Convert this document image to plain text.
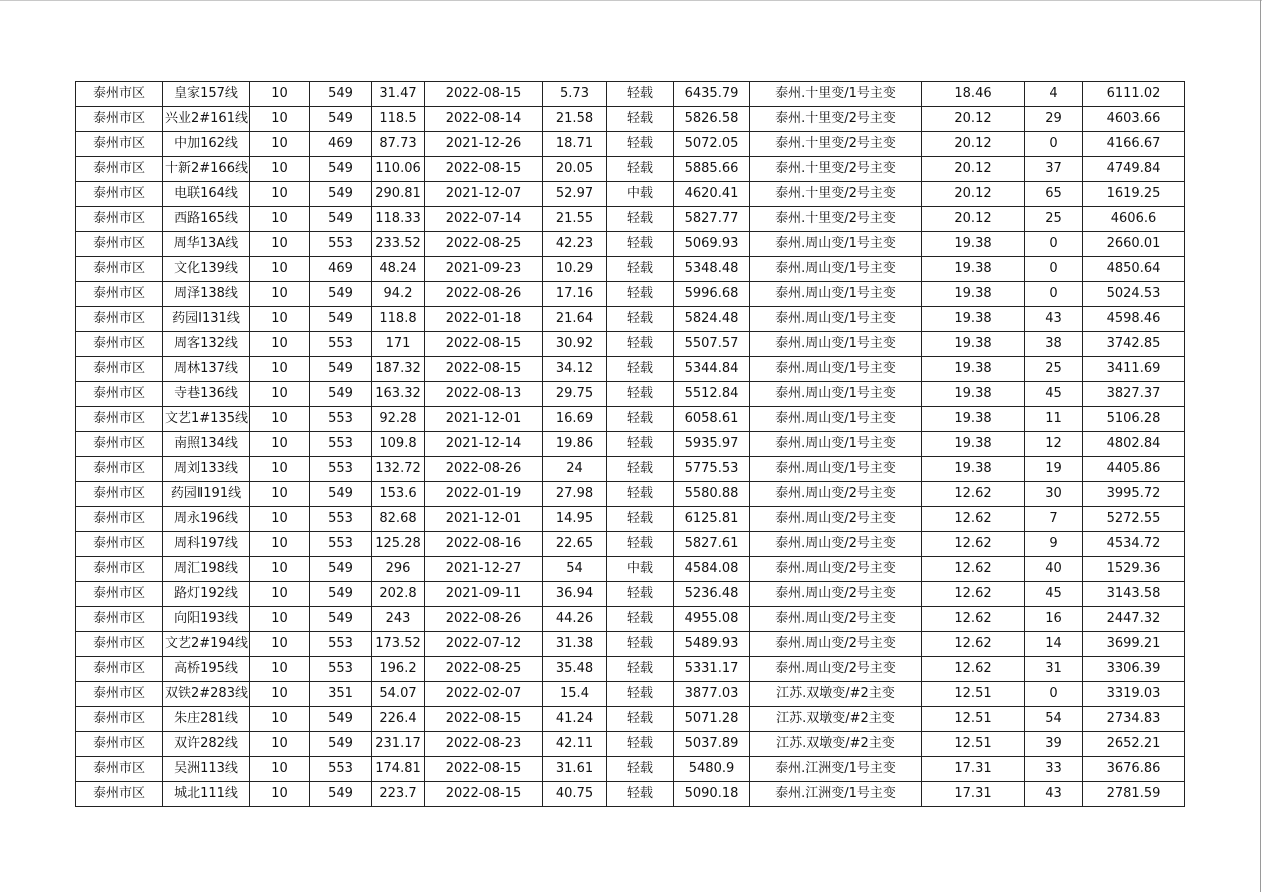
泰州市区	皇家157线	10	549	31.47	2022-08-15	5.73	轻载	6435.79	泰州.十里变/1号主变	18.46	4	6111.02
泰州市区	兴业2#161线	10	549	118.5	2022-08-14	21.58	轻载	5826.58	泰州.十里变/2号主变	20.12	29	4603.66
泰州市区	中加162线	10	469	87.73	2021-12-26	18.71	轻载	5072.05	泰州.十里变/2号主变	20.12	0	4166.67
泰州市区	十新2#166线	10	549	110.06	2022-08-15	20.05	轻载	5885.66	泰州.十里变/2号主变	20.12	37	4749.84
泰州市区	电联164线	10	549	290.81	2021-12-07	52.97	中载	4620.41	泰州.十里变/2号主变	20.12	65	1619.25
泰州市区	西路165线	10	549	118.33	2022-07-14	21.55	轻载	5827.77	泰州.十里变/2号主变	20.12	25	4606.6
泰州市区	周华13A线	10	553	233.52	2022-08-25	42.23	轻载	5069.93	泰州.周山变/1号主变	19.38	0	2660.01
泰州市区	文化139线	10	469	48.24	2021-09-23	10.29	轻载	5348.48	泰州.周山变/1号主变	19.38	0	4850.64
泰州市区	周泽138线	10	549	94.2	2022-08-26	17.16	轻载	5996.68	泰州.周山变/1号主变	19.38	0	5024.53
泰州市区	药园I131线	10	549	118.8	2022-01-18	21.64	轻载	5824.48	泰州.周山变/1号主变	19.38	43	4598.46
泰州市区	周客132线	10	553	171	2022-08-15	30.92	轻载	5507.57	泰州.周山变/1号主变	19.38	38	3742.85
泰州市区	周林137线	10	549	187.32	2022-08-15	34.12	轻载	5344.84	泰州.周山变/1号主变	19.38	25	3411.69
泰州市区	寺巷136线	10	549	163.32	2022-08-13	29.75	轻载	5512.84	泰州.周山变/1号主变	19.38	45	3827.37
泰州市区	文艺1#135线	10	553	92.28	2021-12-01	16.69	轻载	6058.61	泰州.周山变/1号主变	19.38	11	5106.28
泰州市区	南照134线	10	553	109.8	2021-12-14	19.86	轻载	5935.97	泰州.周山变/1号主变	19.38	12	4802.84
泰州市区	周刘133线	10	553	132.72	2022-08-26	24	轻载	5775.53	泰州.周山变/1号主变	19.38	19	4405.86
泰州市区	药园Ⅱ191线	10	549	153.6	2022-01-19	27.98	轻载	5580.88	泰州.周山变/2号主变	12.62	30	3995.72
泰州市区	周永196线	10	553	82.68	2021-12-01	14.95	轻载	6125.81	泰州.周山变/2号主变	12.62	7	5272.55
泰州市区	周科197线	10	553	125.28	2022-08-16	22.65	轻载	5827.61	泰州.周山变/2号主变	12.62	9	4534.72
泰州市区	周汇198线	10	549	296	2021-12-27	54	中载	4584.08	泰州.周山变/2号主变	12.62	40	1529.36
泰州市区	路灯192线	10	549	202.8	2021-09-11	36.94	轻载	5236.48	泰州.周山变/2号主变	12.62	45	3143.58
泰州市区	向阳193线	10	549	243	2022-08-26	44.26	轻载	4955.08	泰州.周山变/2号主变	12.62	16	2447.32
泰州市区	文艺2#194线	10	553	173.52	2022-07-12	31.38	轻载	5489.93	泰州.周山变/2号主变	12.62	14	3699.21
泰州市区	高桥195线	10	553	196.2	2022-08-25	35.48	轻载	5331.17	泰州.周山变/2号主变	12.62	31	3306.39
泰州市区	双铁2#283线	10	351	54.07	2022-02-07	15.4	轻载	3877.03	江苏.双墩变/#2主变	12.51	0	3319.03
泰州市区	朱庄281线	10	549	226.4	2022-08-15	41.24	轻载	5071.28	江苏.双墩变/#2主变	12.51	54	2734.83
泰州市区	双许282线	10	549	231.17	2022-08-23	42.11	轻载	5037.89	江苏.双墩变/#2主变	12.51	39	2652.21
泰州市区	吴洲113线	10	553	174.81	2022-08-15	31.61	轻载	5480.9	泰州.江洲变/1号主变	17.31	33	3676.86
泰州市区	城北111线	10	549	223.7	2022-08-15	40.75	轻载	5090.18	泰州.江洲变/1号主变	17.31	43	2781.59
